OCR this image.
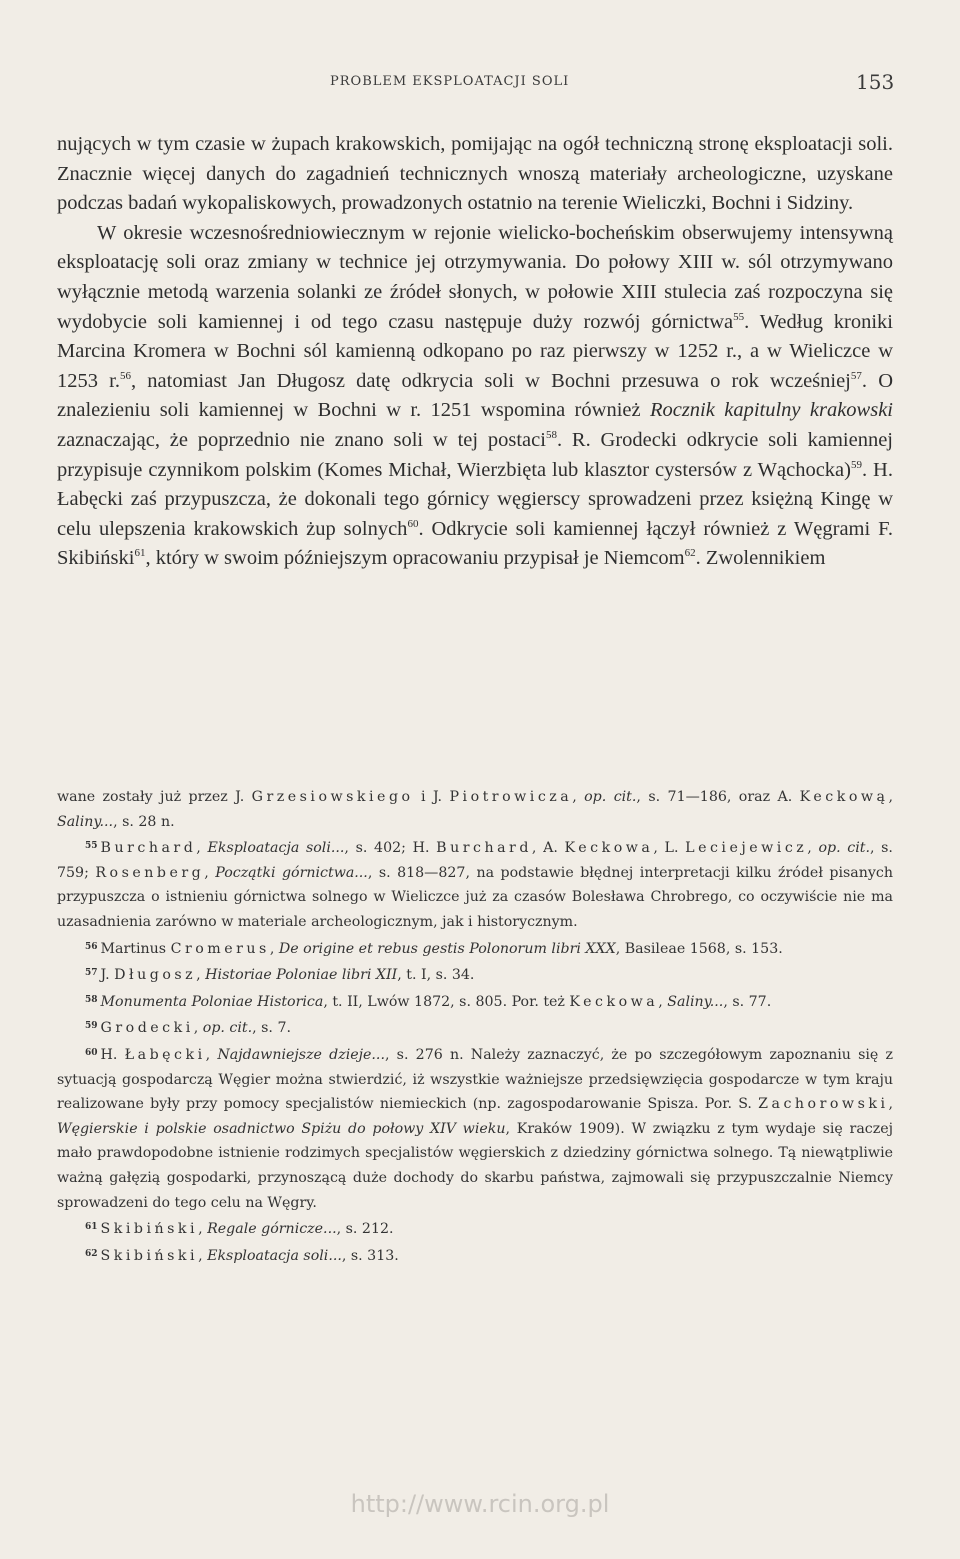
PROBLEM EKSPLOATACJI SOLI	153

nujących w tym czasie w żupach krakowskich, pomijając na ogół techniczną stronę eksploatacji soli. Znacznie więcej danych do zagadnień technicznych wnoszą materiały archeologiczne, uzyskane podczas badań wykopaliskowych, prowadzonych ostatnio na terenie Wieliczki, Bochni i Sidziny.

W okresie wczesnośredniowiecznym w rejonie wielicko-bocheńskim obserwujemy intensywną eksploatację soli oraz zmiany w technice jej otrzymywania. Do połowy XIII w. sól otrzymywano wyłącznie metodą warzenia solanki ze źródeł słonych, w połowie XIII stulecia zaś rozpoczyna się wydobycie soli kamiennej i od tego czasu następuje duży rozwój górnictwa$^{55}$. Według kroniki Marcina Kromera w Bochni sól kamienną odkopano po raz pierwszy w 1252 r., a w Wieliczce w 1253 r.$^{56}$, natomiast Jan Długosz datę odkrycia soli w Bochni przesuwa o rok wcześniej$^{57}$. O znalezieniu soli kamiennej w Bochni w r. 1251 wspomina również Rocznik kapitulny krakowski zaznaczając, że poprzednio nie znano soli w tej postaci$^{58}$. R. Grodecki odkrycie soli kamiennej przypisuje czynnikom polskim (Komes Michał, Wierzbięta lub klasztor cystersów z Wąchocka)$^{59}$. H. Łabęcki zaś przypuszcza, że dokonali tego górnicy węgierscy sprowadzeni przez księżną Kingę w celu ulepszenia krakowskich żup solnych$^{60}$. Odkrycie soli kamiennej łączył również z Węgrami F. Skibiński$^{61}$, który w swoim późniejszym opracowaniu przypisał je Niemcom$^{62}$. Zwolennikiem

wane zostały już przez J. Grzesiowskiego i J. Piotrowicza, op. cit., s. 71—186, oraz A. Keckową, Saliny..., s. 28 n.

$^{55}$ Burchard, Eksploatacja soli..., s. 402; H. Burchard, A. Keckowa, L. Leciejewicz, op. cit., s. 759; Rosenberg, Początki górnictwa..., s. 818—827, na podstawie błędnej interpretacji kilku źródeł pisanych przypuszcza o istnieniu górnictwa solnego w Wieliczce już za czasów Bolesława Chrobrego, co oczywiście nie ma uzasadnienia zarówno w materiale archeologicznym, jak i historycznym.

$^{56}$ Martinus Cromerus, De origine et rebus gestis Polonorum libri XXX, Basileae 1568, s. 153.

$^{57}$ J. Długosz, Historiae Poloniae libri XII, t. I, s. 34.

$^{58}$ Monumenta Poloniae Historica, t. II, Lwów 1872, s. 805. Por. też Keckowa, Saliny..., s. 77.

$^{59}$ Grodecki, op. cit., s. 7.

$^{60}$ H. Łabęcki, Najdawniejsze dzieje..., s. 276 n. Należy zaznaczyć, że po szczegółowym zapoznaniu się z sytuacją gospodarczą Węgier można stwierdzić, iż wszystkie ważniejsze przedsięwzięcia gospodarcze w tym kraju realizowane były przy pomocy specjalistów niemieckich (np. zagospodarowanie Spisza. Por. S. Zachorowski, Węgierskie i polskie osadnictwo Spiżu do połowy XIV wieku, Kraków 1909). W związku z tym wydaje się raczej mało prawdopodobne istnienie rodzimych specjalistów węgierskich z dziedziny górnictwa solnego. Tą niewątpliwie ważną gałęzią gospodarki, przynoszącą duże dochody do skarbu państwa, zajmowali się przypuszczalnie Niemcy sprowadzeni do tego celu na Węgry.

$^{61}$ Skibiński, Regale górnicze..., s. 212.

$^{62}$ Skibiński, Eksploatacja soli..., s. 313.

http://www.rcin.org.pl
